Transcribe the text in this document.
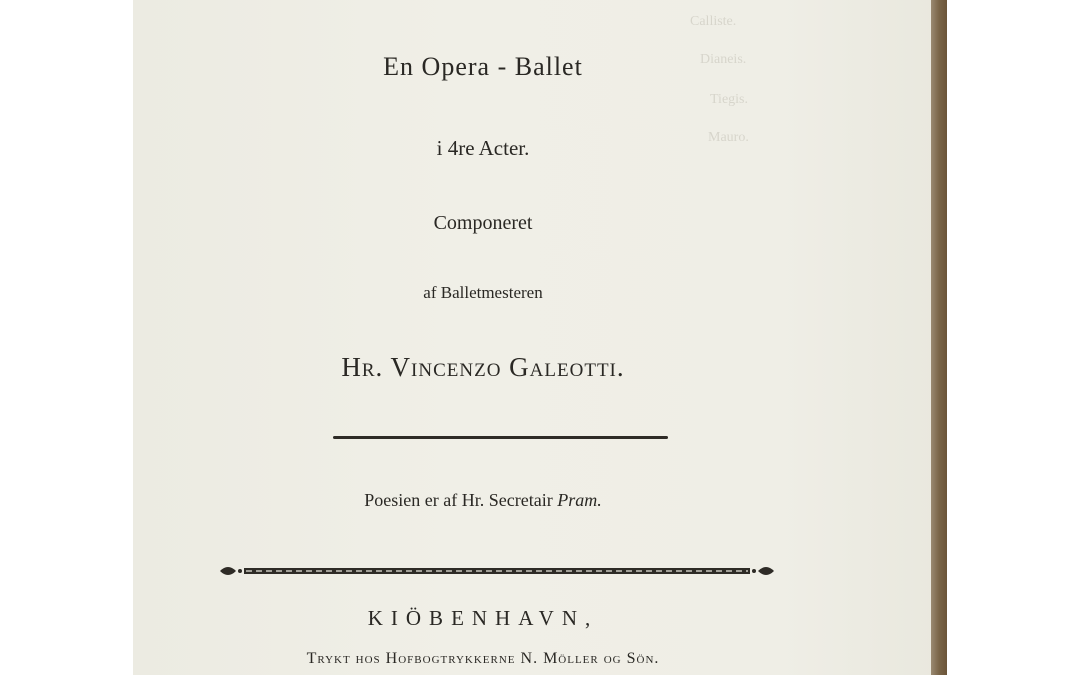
Calliste.
Dianeis.
Tiegis.
Mauro.
En Opera - Ballet
i 4re Acter.
Componeret
af Balletmesteren
Hr. Vincenzo Galeotti.
Poesien er af Hr. Secretair Pram.
KIÖBENHAVN,
Trykt hos Hofbogtrykkerne N. Möller og Sön.
